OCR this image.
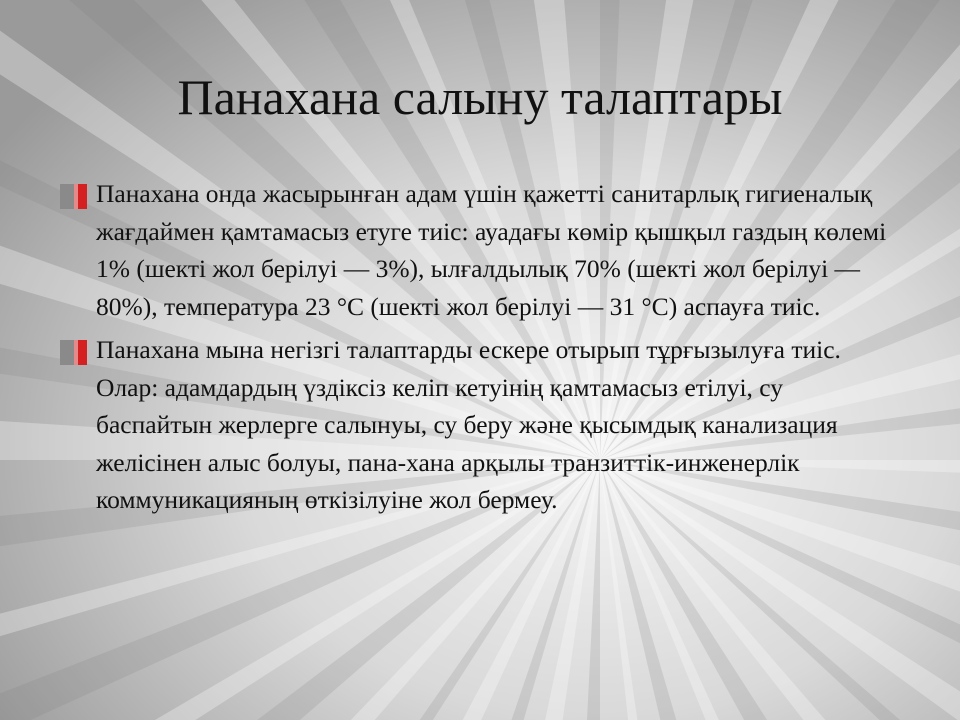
Панахана салыну талаптары
Панахана онда жасырынған адам үшін қажетті санитарлық гигиеналық жағдаймен қамтамасыз етуге тиіс: ауадағы көмір қышқыл газдың көлемі 1% (шекті жол берілуі — 3%), ылғалдылық 70% (шекті жол берілуі — 80%), температура 23 °С (шекті жол берілуі — 31 °С) аспауға тиіс.
Панахана мына негізгі талаптарды ескере отырып тұрғызылуға тиіс. Олар: адамдардың үздіксіз келіп кетуінің қамтамасыз етілуі, су баспайтын жерлерге салынуы, су беру және қысымдық канализация желісінен алыс болуы, пана-хана арқылы транзиттік-инженерлік коммуникацияның өткізілуіне жол бермеу.
